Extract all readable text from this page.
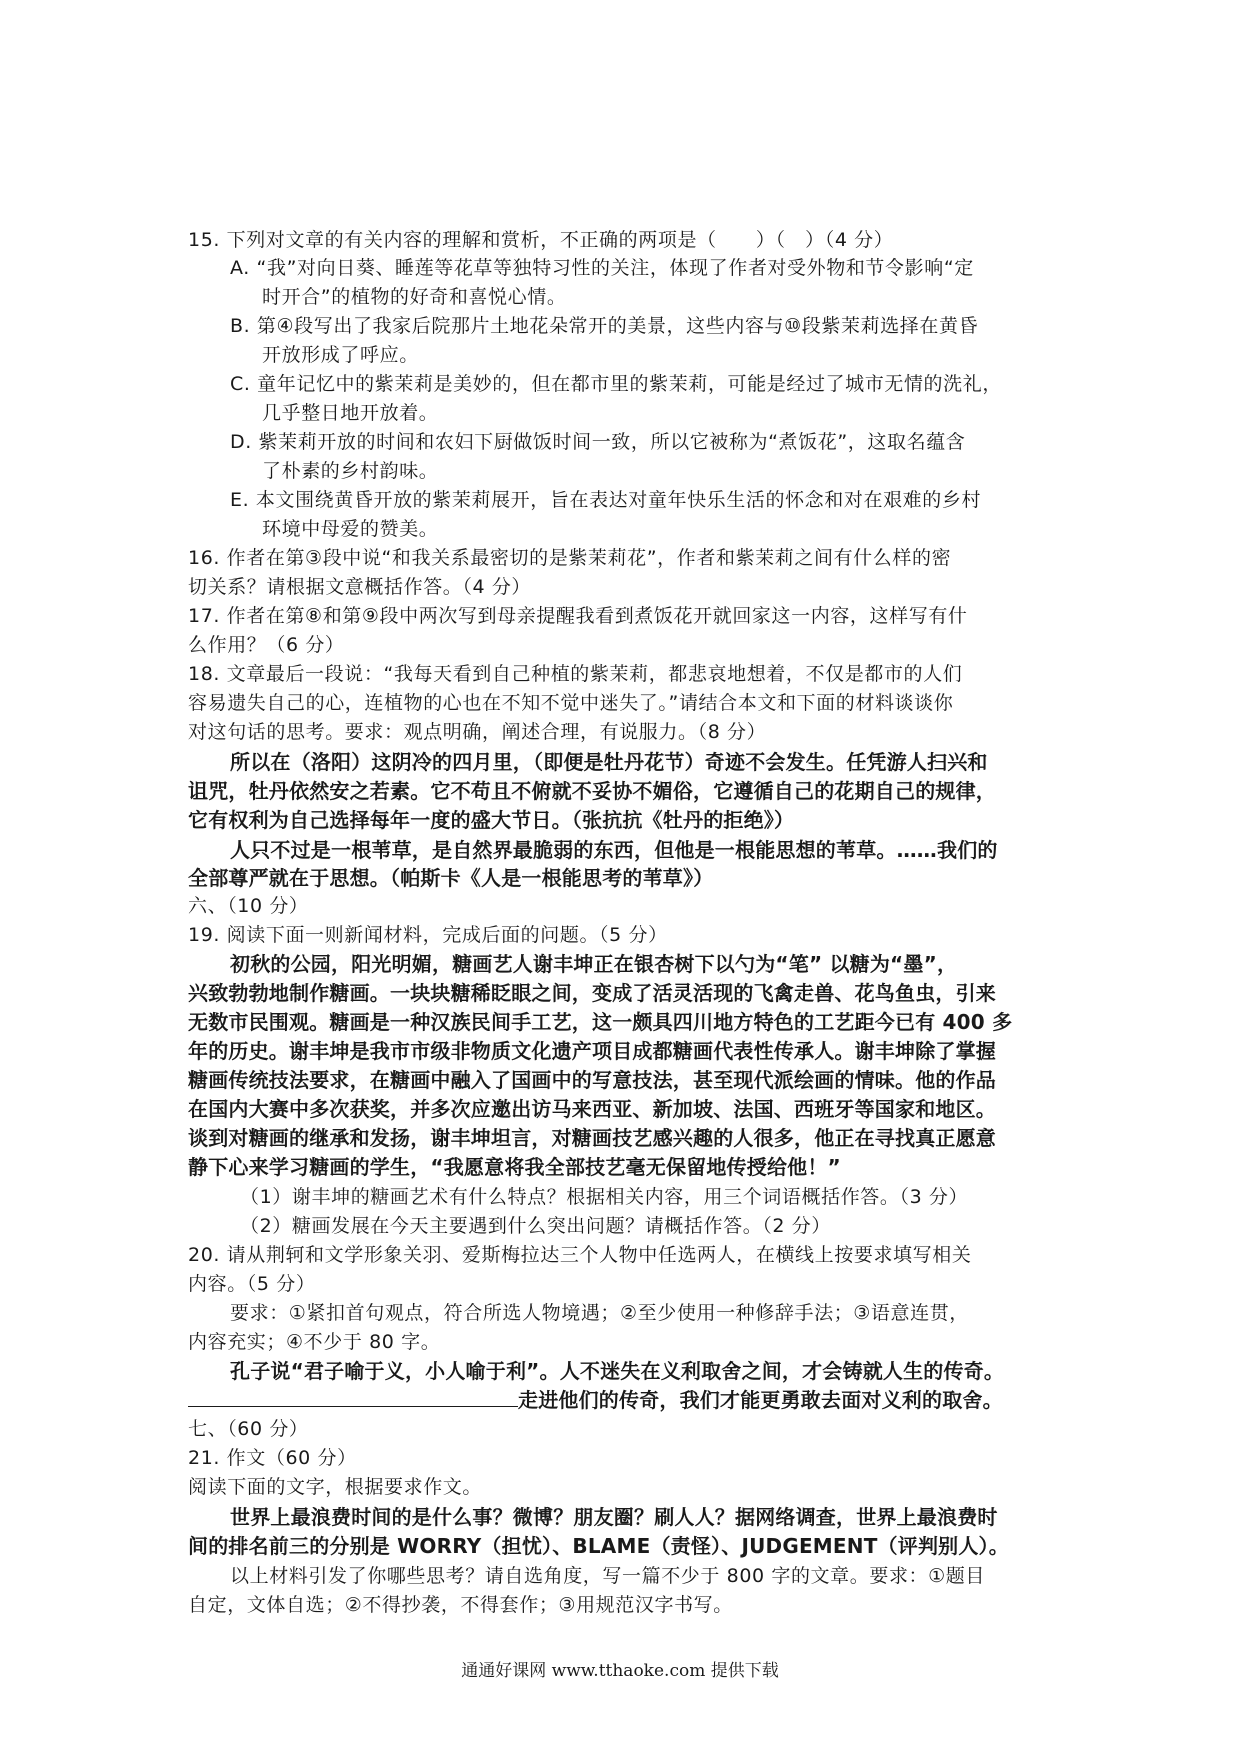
15. 下列对文章的有关内容的理解和赏析，不正确的两项是（　　）（　）（4 分）
A. “我”对向日葵、睡莲等花草等独特习性的关注，体现了作者对受外物和节令影响“定
时开合”的植物的好奇和喜悦心情。
B. 第④段写出了我家后院那片土地花朵常开的美景，这些内容与⑩段紫茉莉选择在黄昏
开放形成了呼应。
C. 童年记忆中的紫茉莉是美妙的，但在都市里的紫茉莉，可能是经过了城市无情的洗礼，
几乎整日地开放着。
D. 紫茉莉开放的时间和农妇下厨做饭时间一致，所以它被称为“煮饭花”，这取名蕴含
了朴素的乡村韵味。
E. 本文围绕黄昏开放的紫茉莉展开，旨在表达对童年快乐生活的怀念和对在艰难的乡村
环境中母爱的赞美。
16. 作者在第③段中说“和我关系最密切的是紫茉莉花”，作者和紫茉莉之间有什么样的密
切关系？请根据文意概括作答。（4 分）
17. 作者在第⑧和第⑨段中两次写到母亲提醒我看到煮饭花开就回家这一内容，这样写有什
么作用？（6 分）
18. 文章最后一段说：“我每天看到自己种植的紫茉莉，都悲哀地想着，不仅是都市的人们
容易遗失自己的心，连植物的心也在不知不觉中迷失了。”请结合本文和下面的材料谈谈你
对这句话的思考。要求：观点明确，阐述合理，有说服力。（8 分）
所以在（洛阳）这阴冷的四月里，（即便是牡丹花节）奇迹不会发生。任凭游人扫兴和
诅咒，牡丹依然安之若素。它不苟且不俯就不妥协不媚俗，它遵循自己的花期自己的规律，
它有权利为自己选择每年一度的盛大节日。（张抗抗《牡丹的拒绝》）
人只不过是一根苇草，是自然界最脆弱的东西，但他是一根能思想的苇草。……我们的
全部尊严就在于思想。（帕斯卡《人是一根能思考的苇草》）
六、（10 分）
19. 阅读下面一则新闻材料，完成后面的问题。（5 分）
初秋的公园，阳光明媚，糖画艺人谢丰坤正在银杏树下以勺为“笔” 以糖为“墨”，
兴致勃勃地制作糖画。一块块糖稀眨眼之间，变成了活灵活现的飞禽走兽、花鸟鱼虫，引来
无数市民围观。糖画是一种汉族民间手工艺，这一颇具四川地方特色的工艺距今已有 400 多
年的历史。谢丰坤是我市市级非物质文化遗产项目成都糖画代表性传承人。谢丰坤除了掌握
糖画传统技法要求，在糖画中融入了国画中的写意技法，甚至现代派绘画的情味。他的作品
在国内大赛中多次获奖，并多次应邀出访马来西亚、新加坡、法国、西班牙等国家和地区。
谈到对糖画的继承和发扬，谢丰坤坦言，对糖画技艺感兴趣的人很多，他正在寻找真正愿意
静下心来学习糖画的学生，“我愿意将我全部技艺毫无保留地传授给他！”
（1）谢丰坤的糖画艺术有什么特点？根据相关内容，用三个词语概括作答。（3 分）
（2）糖画发展在今天主要遇到什么突出问题？请概括作答。（2 分）
20. 请从荆轲和文学形象关羽、爱斯梅拉达三个人物中任选两人，在横线上按要求填写相关
内容。（5 分）
要求：①紧扣首句观点，符合所选人物境遇；②至少使用一种修辞手法；③语意连贯，
内容充实；④不少于 80 字。
孔子说“君子喻于义，小人喻于利”。人不迷失在义利取舍之间，才会铸就人生的传奇。
走进他们的传奇，我们才能更勇敢去面对义利的取舍。
七、（60 分）
21. 作文（60 分）
阅读下面的文字，根据要求作文。
世界上最浪费时间的是什么事？微博？朋友圈？刷人人？据网络调查，世界上最浪费时
间的排名前三的分别是 WORRY（担忧）、BLAME（责怪）、JUDGEMENT（评判别人）。
以上材料引发了你哪些思考？请自选角度，写一篇不少于 800 字的文章。要求：①题目
自定，文体自选；②不得抄袭，不得套作；③用规范汉字书写。
通通好课网 www.tthaoke.com 提供下载
